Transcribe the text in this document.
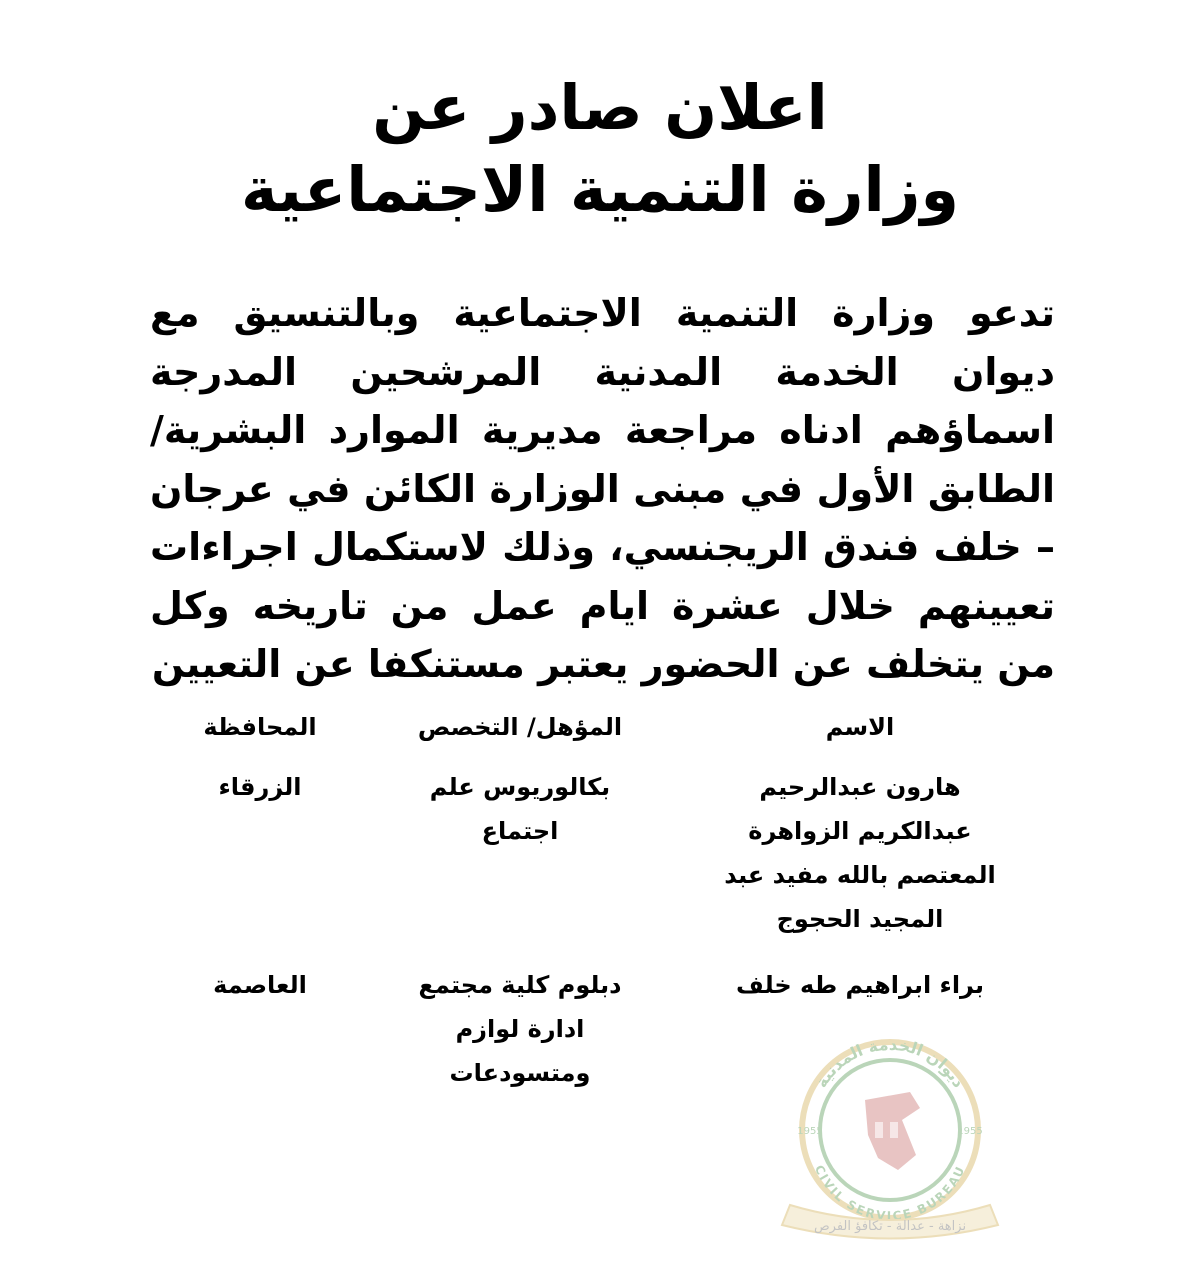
اعلان صادر عن
وزارة التنمية الاجتماعية
تدعو وزارة التنمية الاجتماعية وبالتنسيق مع ديوان الخدمة المدنية المرشحين المدرجة اسماؤهم ادناه مراجعة مديرية الموارد البشرية/ الطابق الأول في مبنى الوزارة الكائن في عرجان – خلف فندق الريجنسي، وذلك لاستكمال اجراءات تعيينهم خلال عشرة ايام عمل من تاريخه وكل من يتخلف عن الحضور يعتبر مستنكفا عن التعيين
الاسم
المؤهل/ التخصص
المحافظة
هارون عبدالرحيم عبدالكريم الزواهرة المعتصم بالله مفيد عبد المجيد الحجوج
بكالوريوس علم اجتماع
الزرقاء
براء ابراهيم طه خلف
دبلوم كلية مجتمع ادارة لوازم ومتسودعات
العاصمة
ديوان الخدمة المدنية
CIVIL SERVICE BUREAU
1955	1955
نزاهة - عدالة - تكافؤ الفرص
